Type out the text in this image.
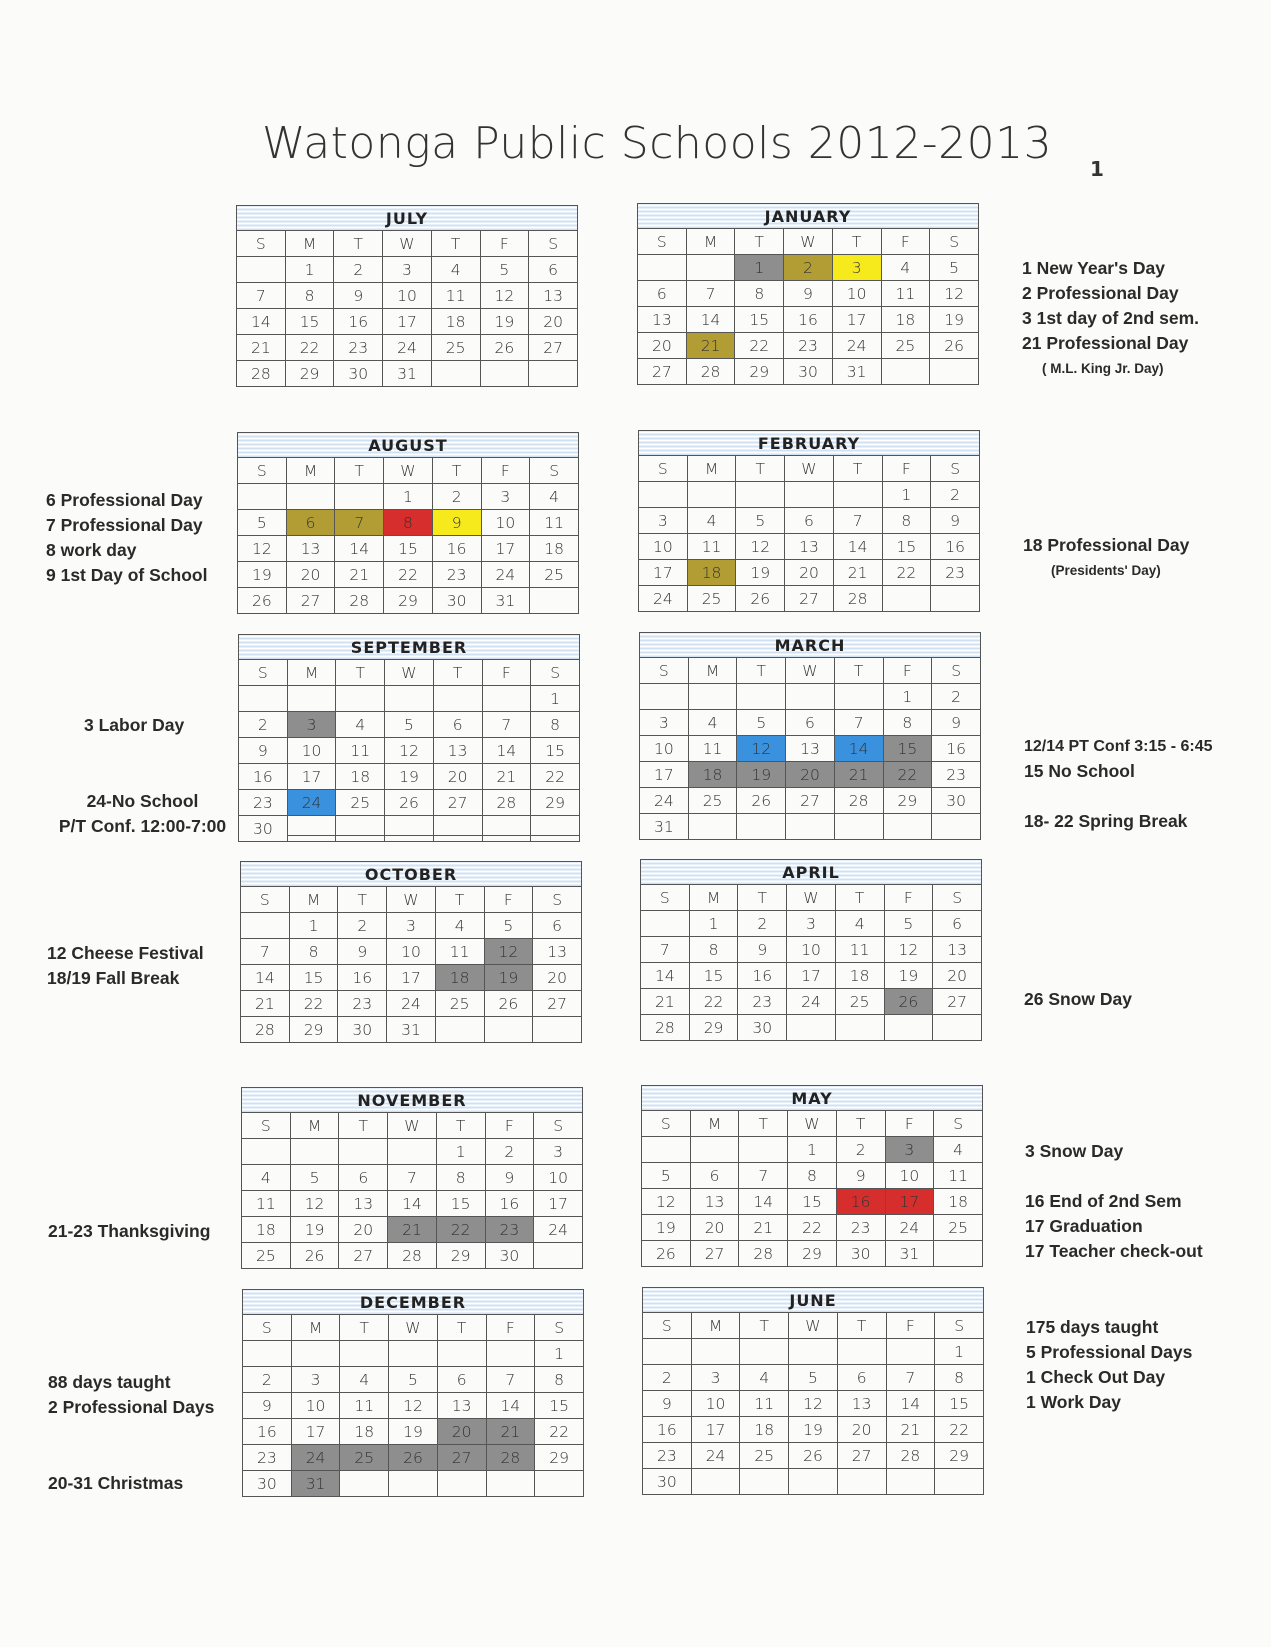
Watonga Public Schools 2012-2013 1
JULY						
S	M	T	W	T	F	S
	1	2	3	4	5	6
7	8	9	10	11	12	13
14	15	16	17	18	19	20
21	22	23	24	25	26	27
28	29	30	31			
AUGUST						
S	M	T	W	T	F	S
			1	2	3	4
5	6	7	8	9	10	11
12	13	14	15	16	17	18
19	20	21	22	23	24	25
26	27	28	29	30	31	
SEPTEMBER						
S	M	T	W	T	F	S
						1
2	3	4	5	6	7	8
9	10	11	12	13	14	15
16	17	18	19	20	21	22
23	24	25	26	27	28	29
30						
OCTOBER						
S	M	T	W	T	F	S
	1	2	3	4	5	6
7	8	9	10	11	12	13
14	15	16	17	18	19	20
21	22	23	24	25	26	27
28	29	30	31			
NOVEMBER						
S	M	T	W	T	F	S
				1	2	3
4	5	6	7	8	9	10
11	12	13	14	15	16	17
18	19	20	21	22	23	24
25	26	27	28	29	30	
DECEMBER						
S	M	T	W	T	F	S
						1
2	3	4	5	6	7	8
9	10	11	12	13	14	15
16	17	18	19	20	21	22
23	24	25	26	27	28	29
30	31					
JANUARY						
S	M	T	W	T	F	S
		1	2	3	4	5
6	7	8	9	10	11	12
13	14	15	16	17	18	19
20	21	22	23	24	25	26
27	28	29	30	31		
FEBRUARY						
S	M	T	W	T	F	S
					1	2
3	4	5	6	7	8	9
10	11	12	13	14	15	16
17	18	19	20	21	22	23
24	25	26	27	28		
MARCH						
S	M	T	W	T	F	S
					1	2
3	4	5	6	7	8	9
10	11	12	13	14	15	16
17	18	19	20	21	22	23
24	25	26	27	28	29	30
31						
APRIL						
S	M	T	W	T	F	S
	1	2	3	4	5	6
7	8	9	10	11	12	13
14	15	16	17	18	19	20
21	22	23	24	25	26	27
28	29	30				
MAY						
S	M	T	W	T	F	S
			1	2	3	4
5	6	7	8	9	10	11
12	13	14	15	16	17	18
19	20	21	22	23	24	25
26	27	28	29	30	31	
JUNE						
S	M	T	W	T	F	S
						1
2	3	4	5	6	7	8
9	10	11	12	13	14	15
16	17	18	19	20	21	22
23	24	25	26	27	28	29
30						
6 Professional Day
7 Professional Day
8 work day
9 1st Day of School
3 Labor Day
24-No School
P/T Conf. 12:00-7:00
12 Cheese Festival
18/19 Fall Break
21-23 Thanksgiving
88 days taught
2 Professional Days
20-31 Christmas
1 New Year's Day
2 Professional Day
3 1st day of 2nd sem.
21 Professional Day
( M.L. King Jr. Day)
18 Professional Day
(Presidents' Day)
12/14 PT Conf 3:15 - 6:45
15 No School
18- 22 Spring Break
26 Snow Day
3 Snow Day
16 End of 2nd Sem
17 Graduation
17 Teacher check-out
175 days taught
5 Professional Days
1 Check Out Day
1 Work Day
